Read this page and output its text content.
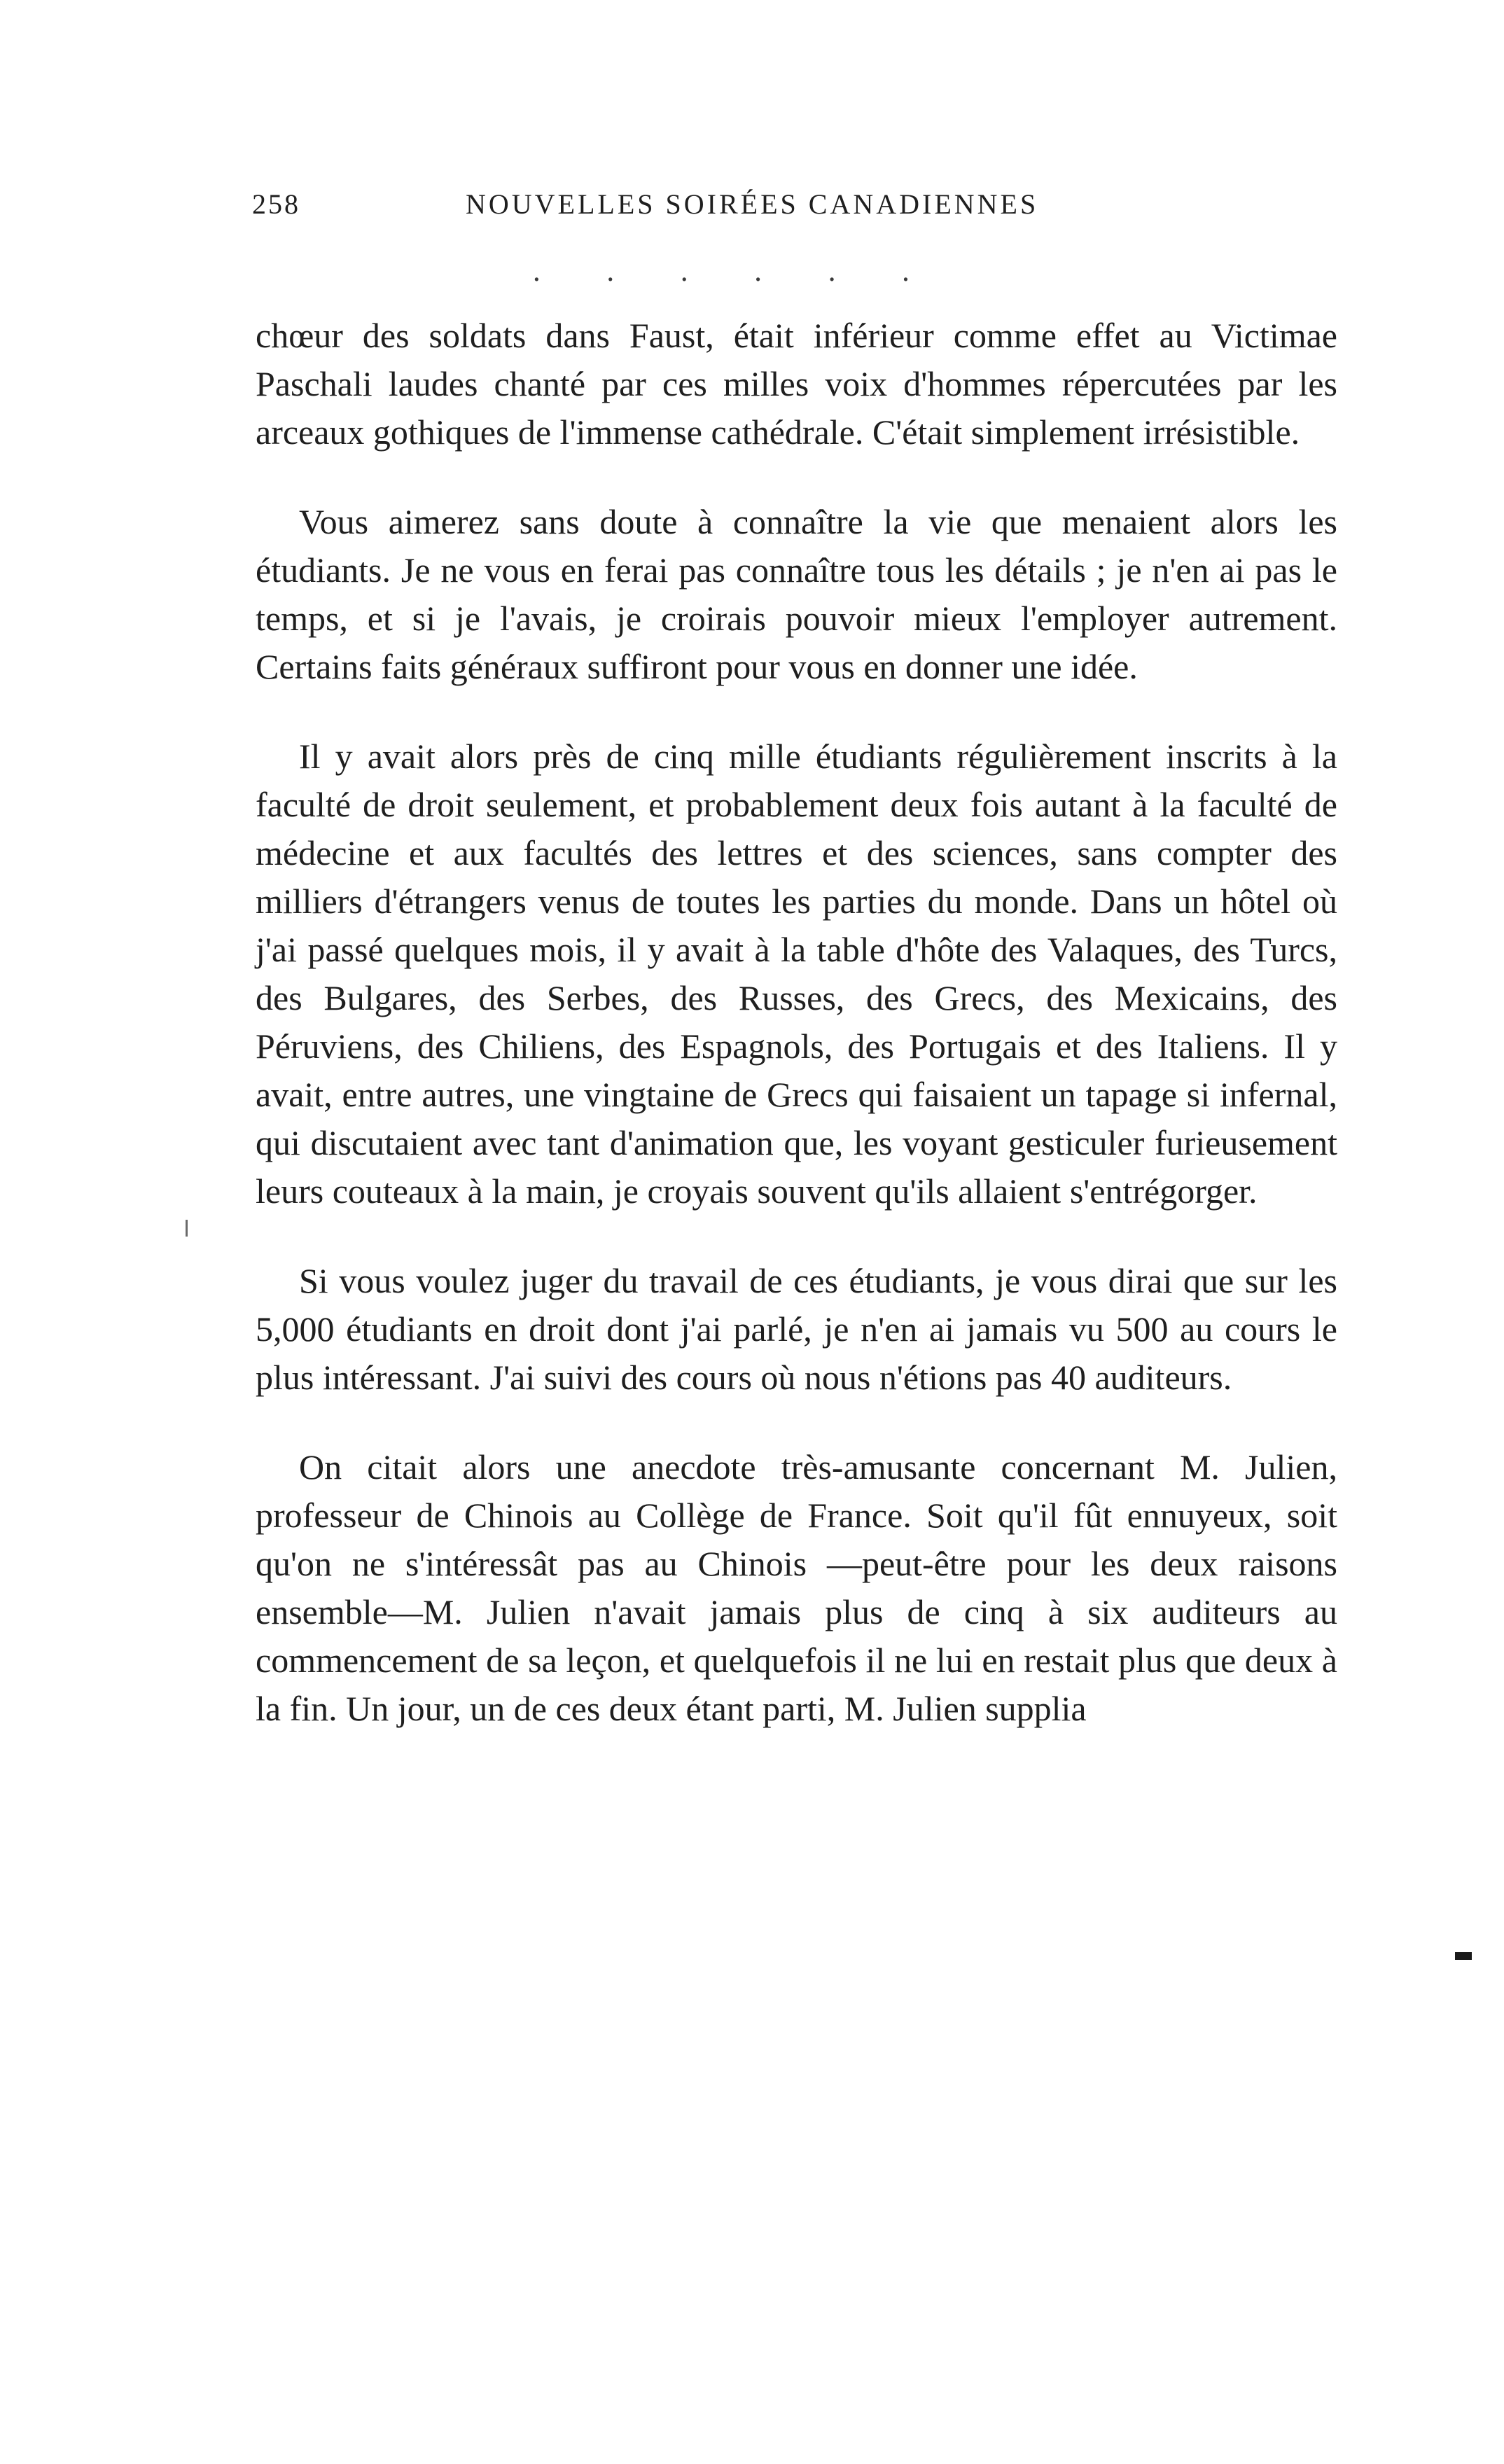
258	NOUVELLES SOIRÉES CANADIENNES
. . . . . .

chœur des soldats dans Faust, était inférieur comme effet au Victimae Paschali laudes chanté par ces milles voix d'hommes répercutées par les arceaux gothiques de l'immense cathédrale. C'était simplement irrésistible.

Vous aimerez sans doute à connaître la vie que menaient alors les étudiants. Je ne vous en ferai pas connaître tous les détails ; je n'en ai pas le temps, et si je l'avais, je croirais pouvoir mieux l'employer autrement. Certains faits généraux suffiront pour vous en donner une idée.

Il y avait alors près de cinq mille étudiants régulièrement inscrits à la faculté de droit seulement, et probablement deux fois autant à la faculté de médecine et aux facultés des lettres et des sciences, sans compter des milliers d'étrangers venus de toutes les parties du monde. Dans un hôtel où j'ai passé quelques mois, il y avait à la table d'hôte des Valaques, des Turcs, des Bulgares, des Serbes, des Russes, des Grecs, des Mexicains, des Péruviens, des Chiliens, des Espagnols, des Portugais et des Italiens. Il y avait, entre autres, une vingtaine de Grecs qui faisaient un tapage si infernal, qui discutaient avec tant d'animation que, les voyant gesticuler furieusement leurs couteaux à la main, je croyais souvent qu'ils allaient s'entrégorger.

Si vous voulez juger du travail de ces étudiants, je vous dirai que sur les 5,000 étudiants en droit dont j'ai parlé, je n'en ai jamais vu 500 au cours le plus intéressant. J'ai suivi des cours où nous n'étions pas 40 auditeurs.

On citait alors une anecdote très-amusante concernant M. Julien, professeur de Chinois au Collège de France. Soit qu'il fût ennuyeux, soit qu'on ne s'intéressât pas au Chinois —peut-être pour les deux raisons ensemble—M. Julien n'avait jamais plus de cinq à six auditeurs au commencement de sa leçon, et quelquefois il ne lui en restait plus que deux à la fin. Un jour, un de ces deux étant parti, M. Julien supplia
